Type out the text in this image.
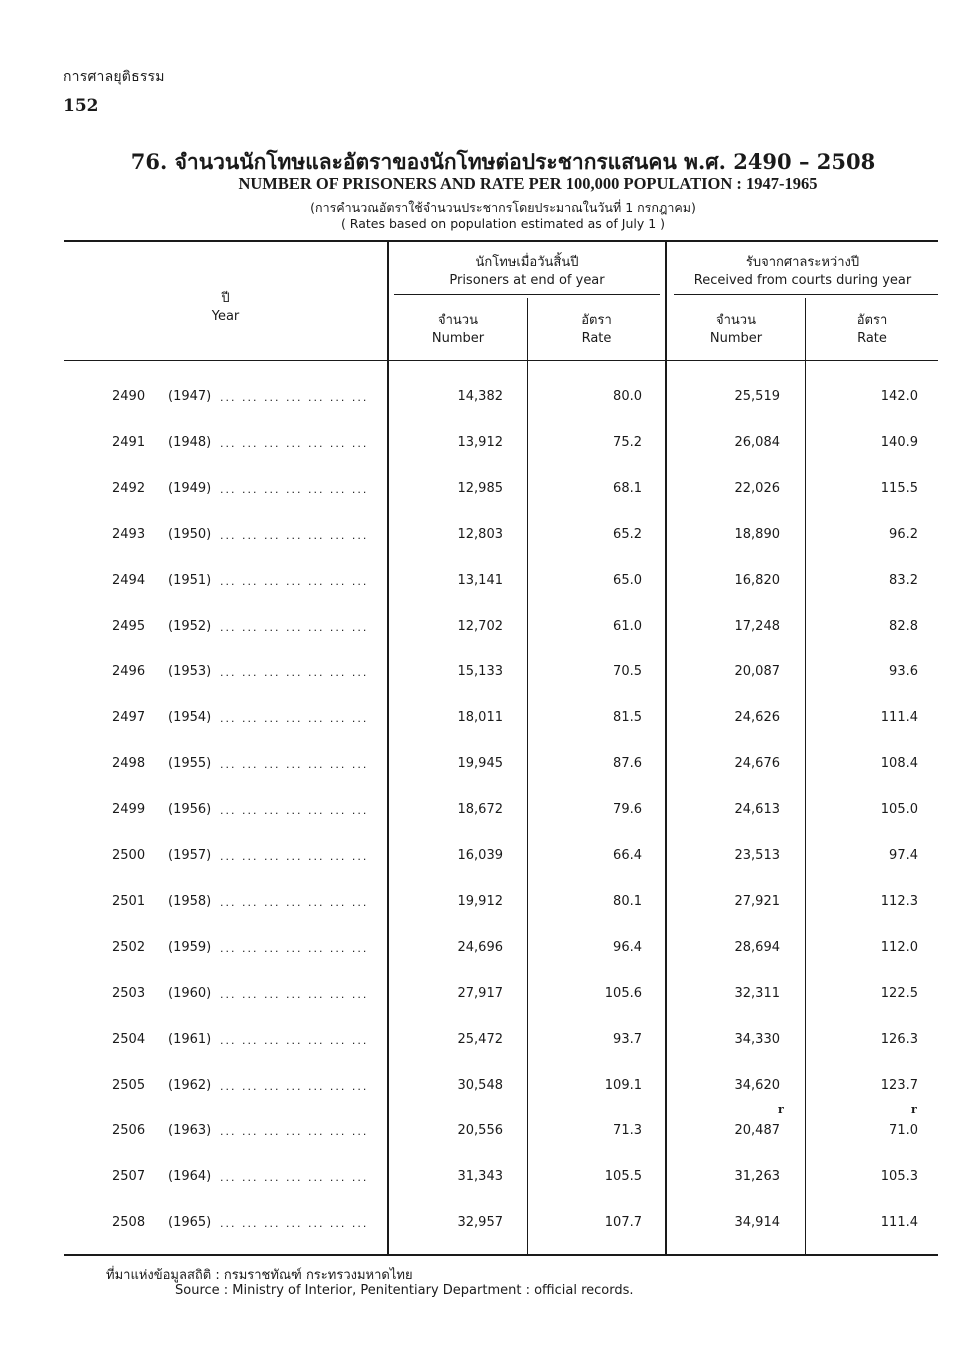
การศาลยุติธรรม
152
76. จำนวนนักโทษและอัตราของนักโทษต่อประชากรแสนคน พ.ศ. 2490 – 2508
NUMBER OF PRISONERS AND RATE PER 100,000 POPULATION : 1947-1965
(การคำนวณอัตราใช้จำนวนประชากรโดยประมาณในวันที่ 1 กรกฎาคม)
( Rates based on population estimated as of July 1 )
ปี
Year
นักโทษเมื่อวันสิ้นปี
Prisoners at end of year
รับจากศาลระหว่างปี
Received from courts during year
จำนวน
Number
อัตรา
Rate
จำนวน
Number
อัตรา
Rate
2490 (1947) ... ... ... ... ... ... ...	14,382	80.0	25,519	142.0
2491 (1948) ... ... ... ... ... ... ...	13,912	75.2	26,084	140.9
2492 (1949) ... ... ... ... ... ... ...	12,985	68.1	22,026	115.5
2493 (1950) ... ... ... ... ... ... ...	12,803	65.2	18,890	96.2
2494 (1951) ... ... ... ... ... ... ...	13,141	65.0	16,820	83.2
2495 (1952) ... ... ... ... ... ... ...	12,702	61.0	17,248	82.8
2496 (1953) ... ... ... ... ... ... ...	15,133	70.5	20,087	93.6
2497 (1954) ... ... ... ... ... ... ...	18,011	81.5	24,626	111.4
2498 (1955) ... ... ... ... ... ... ...	19,945	87.6	24,676	108.4
2499 (1956) ... ... ... ... ... ... ...	18,672	79.6	24,613	105.0
2500 (1957) ... ... ... ... ... ... ...	16,039	66.4	23,513	97.4
2501 (1958) ... ... ... ... ... ... ...	19,912	80.1	27,921	112.3
2502 (1959) ... ... ... ... ... ... ...	24,696	96.4	28,694	112.0
2503 (1960) ... ... ... ... ... ... ...	27,917	105.6	32,311	122.5
2504 (1961) ... ... ... ... ... ... ...	25,472	93.7	34,330	126.3
2505 (1962) ... ... ... ... ... ... ...	30,548	109.1	34,620	123.7
2506 (1963) ... ... ... ... ... ... ...	20,556	71.3	20,487	71.0
r	r
2507 (1964) ... ... ... ... ... ... ...	31,343	105.5	31,263	105.3
2508 (1965) ... ... ... ... ... ... ...	32,957	107.7	34,914	111.4
ที่มาแห่งข้อมูลสถิติ : กรมราชทัณฑ์ กระทรวงมหาดไทย
Source : Ministry of Interior, Penitentiary Department : official records.
